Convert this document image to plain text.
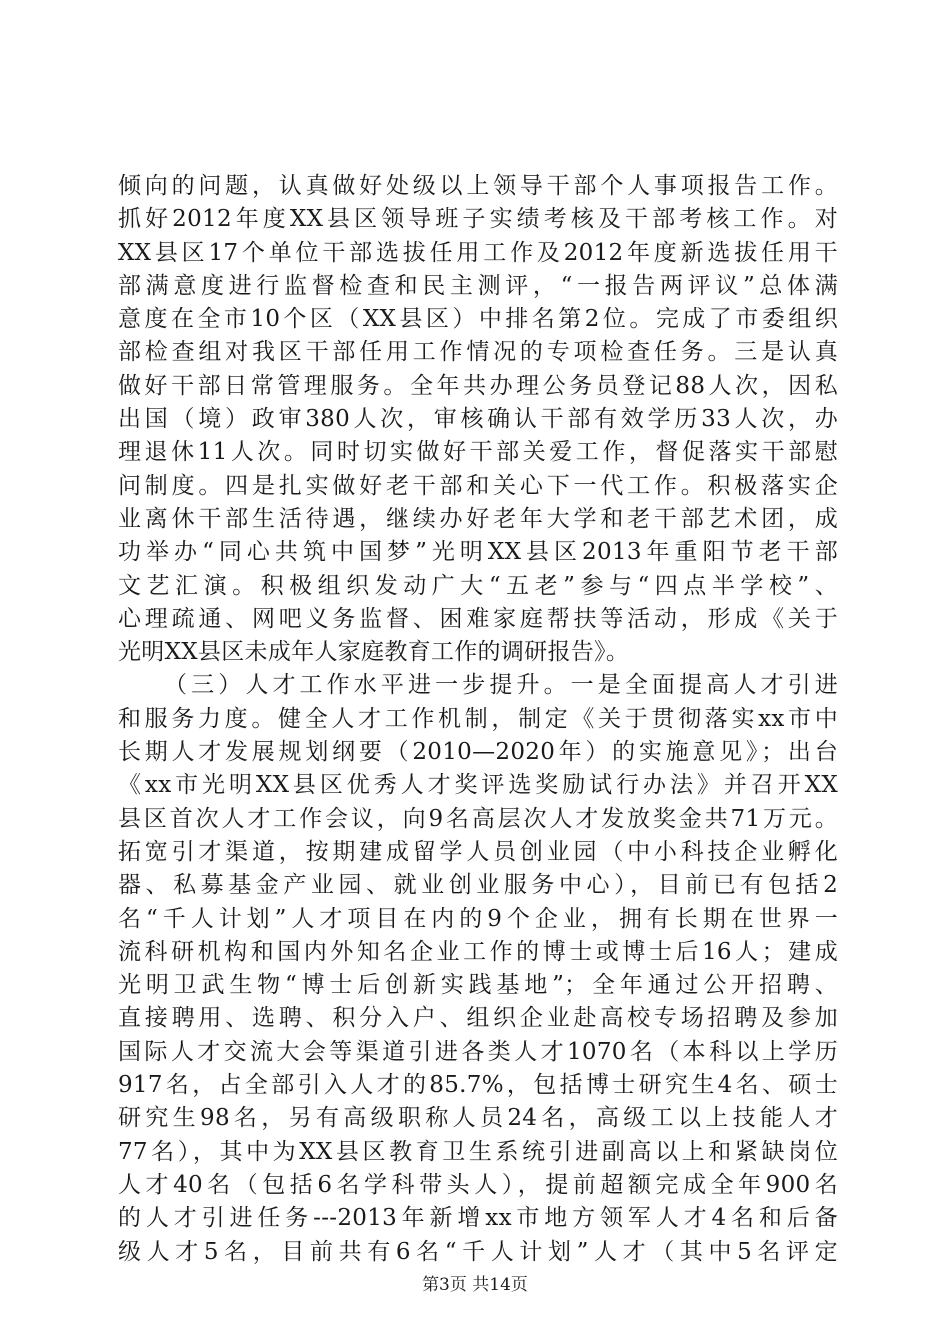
倾向的问题，认真做好处级以上领导干部个人事项报告工作。
抓好2012年度XX县区领导班子实绩考核及干部考核工作。对
XX县区17个单位干部选拔任用工作及2012年度新选拔任用干
部满意度进行监督检查和民主测评，“一报告两评议”总体满
意度在全市10个区（XX县区）中排名第2位。完成了市委组织
部检查组对我区干部任用工作情况的专项检查任务。三是认真
做好干部日常管理服务。全年共办理公务员登记88人次，因私
出国（境）政审380人次，审核确认干部有效学历33人次，办
理退休11人次。同时切实做好干部关爱工作，督促落实干部慰
问制度。四是扎实做好老干部和关心下一代工作。积极落实企
业离休干部生活待遇，继续办好老年大学和老干部艺术团，成
功举办“同心共筑中国梦”光明XX县区2013年重阳节老干部
文艺汇演。积极组织发动广大“五老”参与“四点半学校”、
心理疏通、网吧义务监督、困难家庭帮扶等活动，形成《关于
光明XX县区未成年人家庭教育工作的调研报告》。
（三）人才工作水平进一步提升。一是全面提高人才引进
和服务力度。健全人才工作机制，制定《关于贯彻落实xx市中
长期人才发展规划纲要（2010—2020年）的实施意见》；出台
《xx市光明XX县区优秀人才奖评选奖励试行办法》并召开XX
县区首次人才工作会议，向9名高层次人才发放奖金共71万元。
拓宽引才渠道，按期建成留学人员创业园（中小科技企业孵化
器、私募基金产业园、就业创业服务中心），目前已有包括2
名“千人计划”人才项目在内的9个企业，拥有长期在世界一
流科研机构和国内外知名企业工作的博士或博士后16人；建成
光明卫武生物“博士后创新实践基地”；全年通过公开招聘、
直接聘用、选聘、积分入户、组织企业赴高校专场招聘及参加
国际人才交流大会等渠道引进各类人才1070名（本科以上学历
917名，占全部引入人才的85.7%，包括博士研究生4名、硕士
研究生98名，另有高级职称人员24名，高级工以上技能人才
77名），其中为XX县区教育卫生系统引进副高以上和紧缺岗位
人才40名（包括6名学科带头人），提前超额完成全年900名
的人才引进任务---2013年新增xx市地方领军人才4名和后备
级人才5名，目前共有6名“千人计划”人才（其中5名评定
第3页 共14页
